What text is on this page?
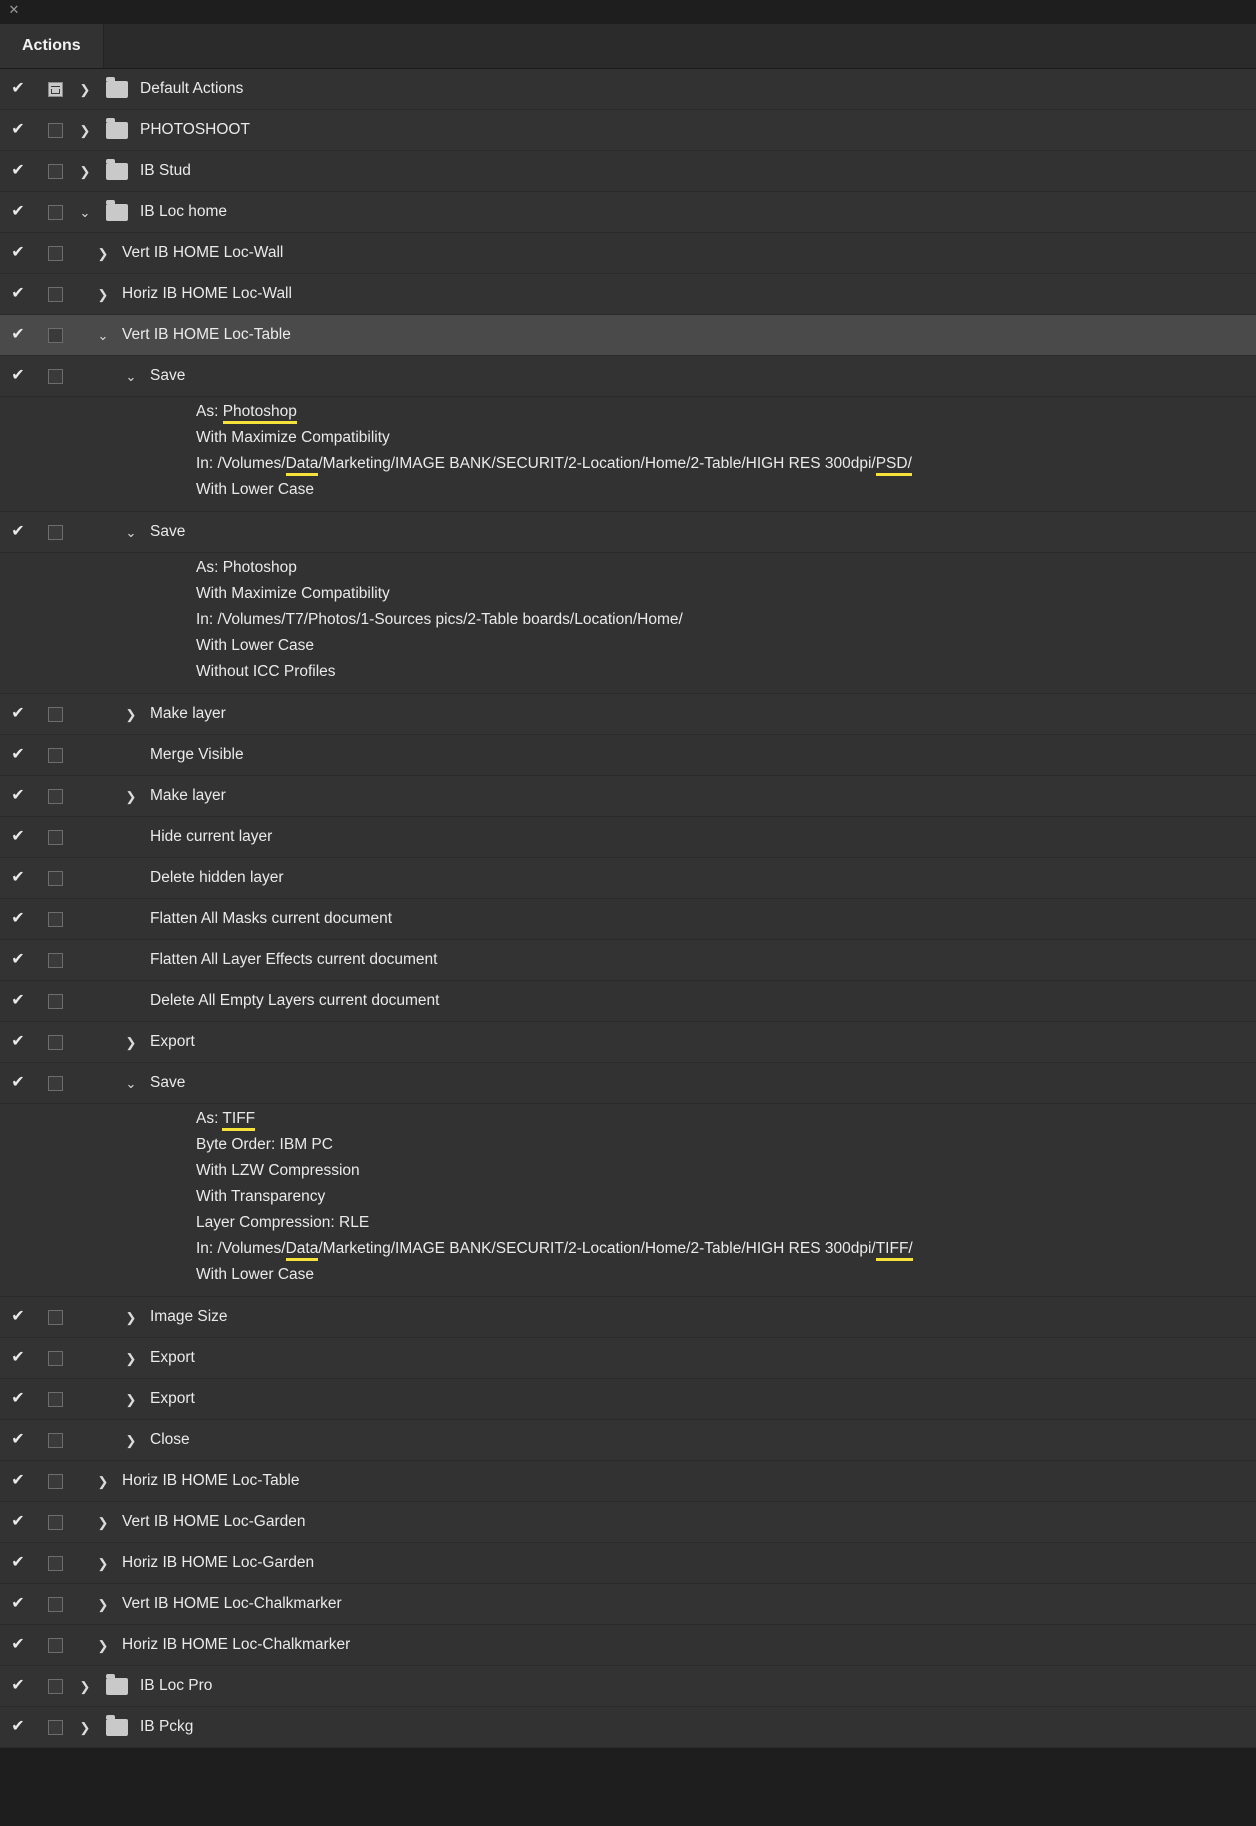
✕
Actions
✔	❯	Default Actions
✔	❯	PHOTOSHOOT
✔	❯	IB Stud
✔	⌄	IB Loc home
✔	❯ Vert IB HOME Loc-Wall
✔	❯ Horiz IB HOME Loc-Wall
✔	⌄ Vert IB HOME Loc-Table
✔	⌄ Save
As: Photoshop
With Maximize Compatibility
In: /Volumes/Data/Marketing/IMAGE BANK/SECURIT/2-Location/Home/2-Table/HIGH RES 300dpi/PSD/
With Lower Case
✔	⌄ Save
As: Photoshop
With Maximize Compatibility
In: /Volumes/T7/Photos/1-Sources pics/2-Table boards/Location/Home/
With Lower Case
Without ICC Profiles
✔	❯ Make layer
✔	Merge Visible
✔	❯ Make layer
✔	Hide current layer
✔	Delete hidden layer
✔	Flatten All Masks current document
✔	Flatten All Layer Effects current document
✔	Delete All Empty Layers current document
✔	❯ Export
✔	⌄ Save
As: TIFF
Byte Order: IBM PC
With LZW Compression
With Transparency
Layer Compression: RLE
In: /Volumes/Data/Marketing/IMAGE BANK/SECURIT/2-Location/Home/2-Table/HIGH RES 300dpi/TIFF/
With Lower Case
✔	❯ Image Size
✔	❯ Export
✔	❯ Export
✔	❯ Close
✔	❯ Horiz IB HOME Loc-Table
✔	❯ Vert IB HOME Loc-Garden
✔	❯ Horiz IB HOME Loc-Garden
✔	❯ Vert IB HOME Loc-Chalkmarker
✔	❯ Horiz IB HOME Loc-Chalkmarker
✔	❯	IB Loc Pro
✔	❯	IB Pckg
